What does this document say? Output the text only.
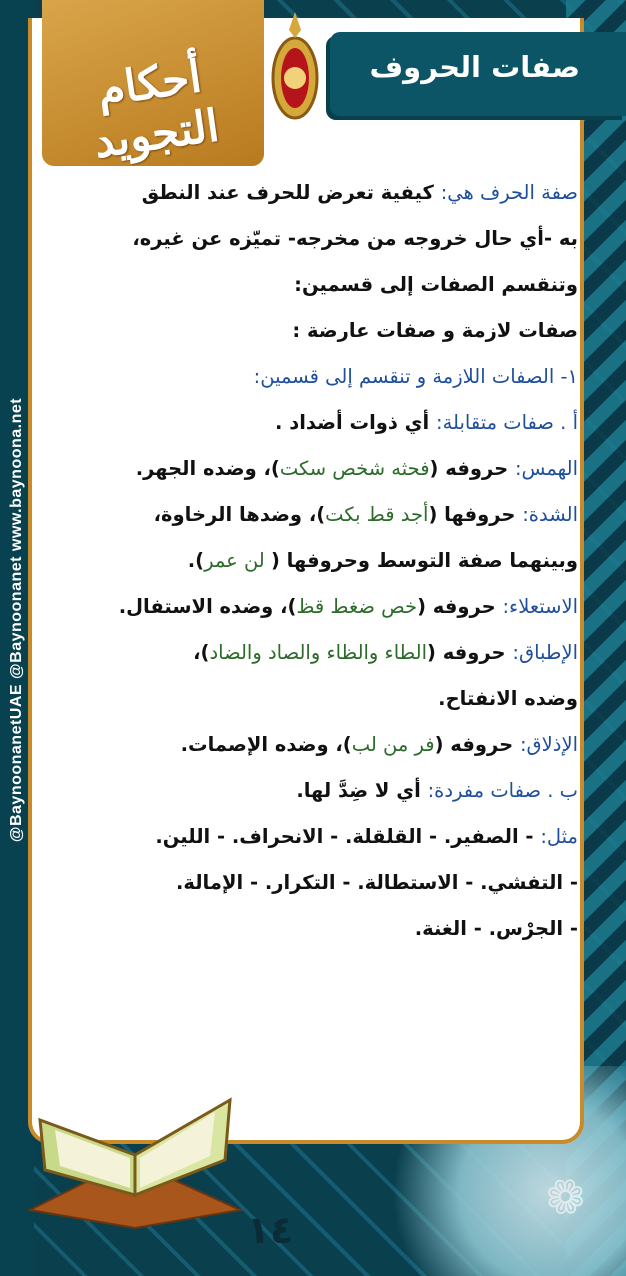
@BaynoonanetUAE @Baynoonanet www.baynoona.net
❁
أحكام التجويد
صفات الحروف

صفة الحرف هي: كيفية تعرض للحرف عند النطق

به -أي حال خروجه من مخرجه- تميّزه عن غيره،

وتنقسم الصفات إلى قسمين:

صفات لازمة و صفات عارضة :

١- الصفات اللازمة و تنقسم إلى قسمين:

أ . صفات متقابلة: أي ذوات أضداد .

الهمس: حروفه (فحثه شخص سكت)، وضده الجهر.

الشدة: حروفها (أجد قط بكت)، وضدها الرخاوة،

وبينهما صفة التوسط وحروفها ( لن عمر).

الاستعلاء: حروفه (خص ضغط قظ)، وضده الاستفال.

الإطباق: حروفه (الطاء والظاء والصاد والضاد)،

وضده الانفتاح.

الإذلاق: حروفه (فر من لب)، وضده الإصمات.

ب . صفات مفردة: أي لا ضِدَّ لها.

مثل: - الصفير. - القلقلة. - الانحراف. - اللين.

- التفشي. - الاستطالة. - التكرار. - الإمالة.

- الجرْس. - الغنة.

١٤
